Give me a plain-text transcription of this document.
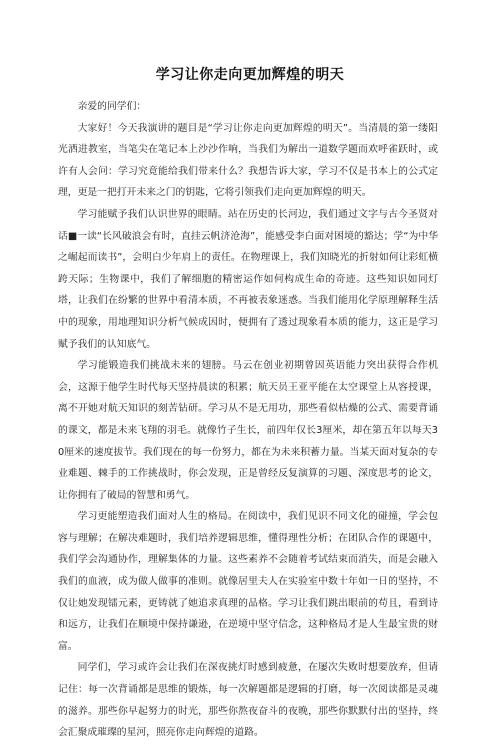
学习让你走向更加辉煌的明天

亲爱的同学们：

大家好！今天我演讲的题目是“学习让你走向更加辉煌的明天”。当清晨的第一缕阳光洒进教室，当笔尖在笔记本上沙沙作响，当我们为解出一道数学题而欢呼雀跃时，或许有人会问：学习究竟能给我们带来什么？我想告诉大家，学习不仅是书本上的公式定理，更是一把打开未来之门的钥匙，它将引领我们走向更加辉煌的明天。

学习能赋予我们认识世界的眼睛。站在历史的长河边，我们通过文字与古今圣贤对话■一读“长风破浪会有时，直挂云帆济沧海”，能感受李白面对困境的豁达；学“为中华之崛起而读书”，会明白少年肩上的责任。在物理课上，我们知晓光的折射如何让彩虹横跨天际；生物课中，我们了解细胞的精密运作如何构成生命的奇迹。这些知识如同灯塔，让我们在纷繁的世界中看清本质，不再被表象迷惑。当我们能用化学原理解释生活中的现象，用地理知识分析气候成因时，便拥有了透过现象看本质的能力，这正是学习赋予我们的认知底气。

学习能锻造我们挑战未来的翅膀。马云在创业初期曾因英语能力突出获得合作机会，这源于他学生时代每天坚持晨读的积累；航天员王亚平能在太空课堂上从容授课，离不开她对航天知识的刻苦钻研。学习从不是无用功，那些看似枯燥的公式、需要背诵的课文，都是未来飞翔的羽毛。就像竹子生长，前四年仅长3厘米，却在第五年以每天30厘米的速度拔节。我们现在的每一份努力，都在为未来积蓄力量。当某天面对复杂的专业难题、棘手的工作挑战时，你会发现，正是曾经反复演算的习题、深度思考的论文，让你拥有了破局的智慧和勇气。

学习更能塑造我们面对人生的格局。在阅读中，我们见识不同文化的碰撞，学会包容与理解；在解决难题时，我们培养逻辑思维，懂得理性分析；在团队合作的课题中，我们学会沟通协作，理解集体的力量。这些素养不会随着考试结束而消失，而是会融入我们的血液，成为做人做事的准则。就像居里夫人在实验室中数十年如一日的坚持，不仅让她发现镭元素，更铸就了她追求真理的品格。学习让我们跳出眼前的苟且，看到诗和远方，让我们在顺境中保持谦逊，在逆境中坚守信念，这种格局才是人生最宝贵的财富。

同学们，学习或许会让我们在深夜挑灯时感到疲惫，在屡次失败时想要放弃，但请记住：每一次背诵都是思维的锻炼，每一次解题都是逻辑的打磨，每一次阅读都是灵魂的滋养。那些你早起努力的时光，那些你熬夜奋斗的夜晚，那些你默默付出的坚持，终会汇聚成璀璨的星河，照亮你走向辉煌的道路。
